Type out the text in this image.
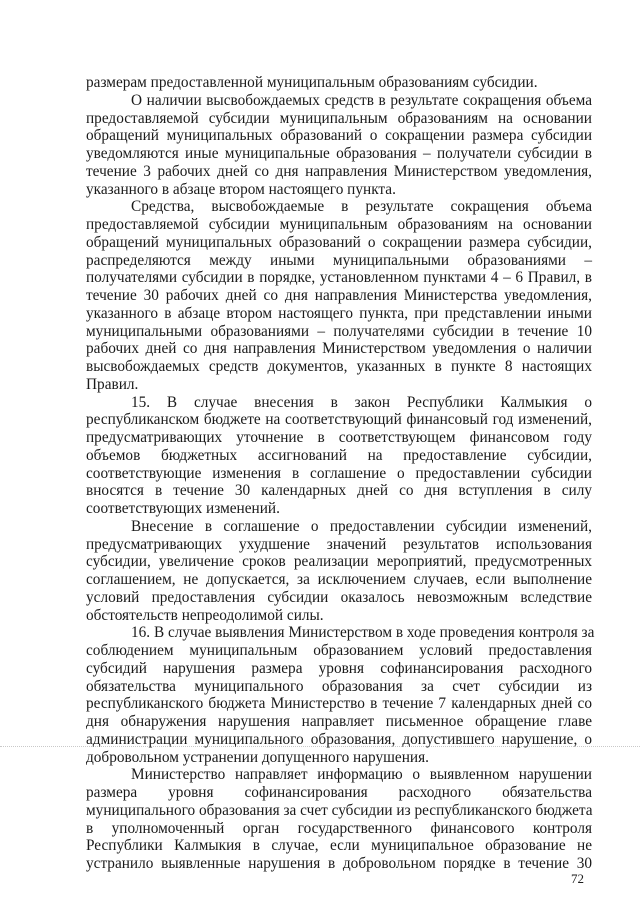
размерам предоставленной муниципальным образованиям субсидии.
О наличии высвобождаемых средств в результате сокращения объема
предоставляемой субсидии муниципальным образованиям на основании
обращений муниципальных образований о сокращении размера субсидии
уведомляются иные муниципальные образования – получатели субсидии в
течение 3 рабочих дней со дня направления Министерством уведомления,
указанного в абзаце втором настоящего пункта.
Средства, высвобождаемые в результате сокращения объема
предоставляемой субсидии муниципальным образованиям на основании
обращений муниципальных образований о сокращении размера субсидии,
распределяются между иными муниципальными образованиями –
получателями субсидии в порядке, установленном пунктами 4 – 6 Правил, в
течение 30 рабочих дней со дня направления Министерства уведомления,
указанного в абзаце втором настоящего пункта, при представлении иными
муниципальными образованиями – получателями субсидии в течение 10
рабочих дней со дня направления Министерством уведомления о наличии
высвобождаемых средств документов, указанных в пункте 8 настоящих
Правил.
15. В случае внесения в закон Республики Калмыкия о
республиканском бюджете на соответствующий финансовый год изменений,
предусматривающих уточнение в соответствующем финансовом году
объемов бюджетных ассигнований на предоставление субсидии,
соответствующие изменения в соглашение о предоставлении субсидии
вносятся в течение 30 календарных дней со дня вступления в силу
соответствующих изменений.
Внесение в соглашение о предоставлении субсидии изменений,
предусматривающих ухудшение значений результатов использования
субсидии, увеличение сроков реализации мероприятий, предусмотренных
соглашением, не допускается, за исключением случаев, если выполнение
условий предоставления субсидии оказалось невозможным вследствие
обстоятельств непреодолимой силы.
16. В случае выявления Министерством в ходе проведения контроля за
соблюдением муниципальным образованием условий предоставления
субсидий нарушения размера уровня софинансирования расходного
обязательства муниципального образования за счет субсидии из
республиканского бюджета Министерство в течение 7 календарных дней со
дня обнаружения нарушения направляет письменное обращение главе
администрации муниципального образования, допустившего нарушение, о
добровольном устранении допущенного нарушения.
Министерство направляет информацию о выявленном нарушении
размера уровня софинансирования расходного обязательства
муниципального образования за счет субсидии из республиканского бюджета
в уполномоченный орган государственного финансового контроля
Республики Калмыкия в случае, если муниципальное образование не
устранило выявленные нарушения в добровольном порядке в течение 30
72
